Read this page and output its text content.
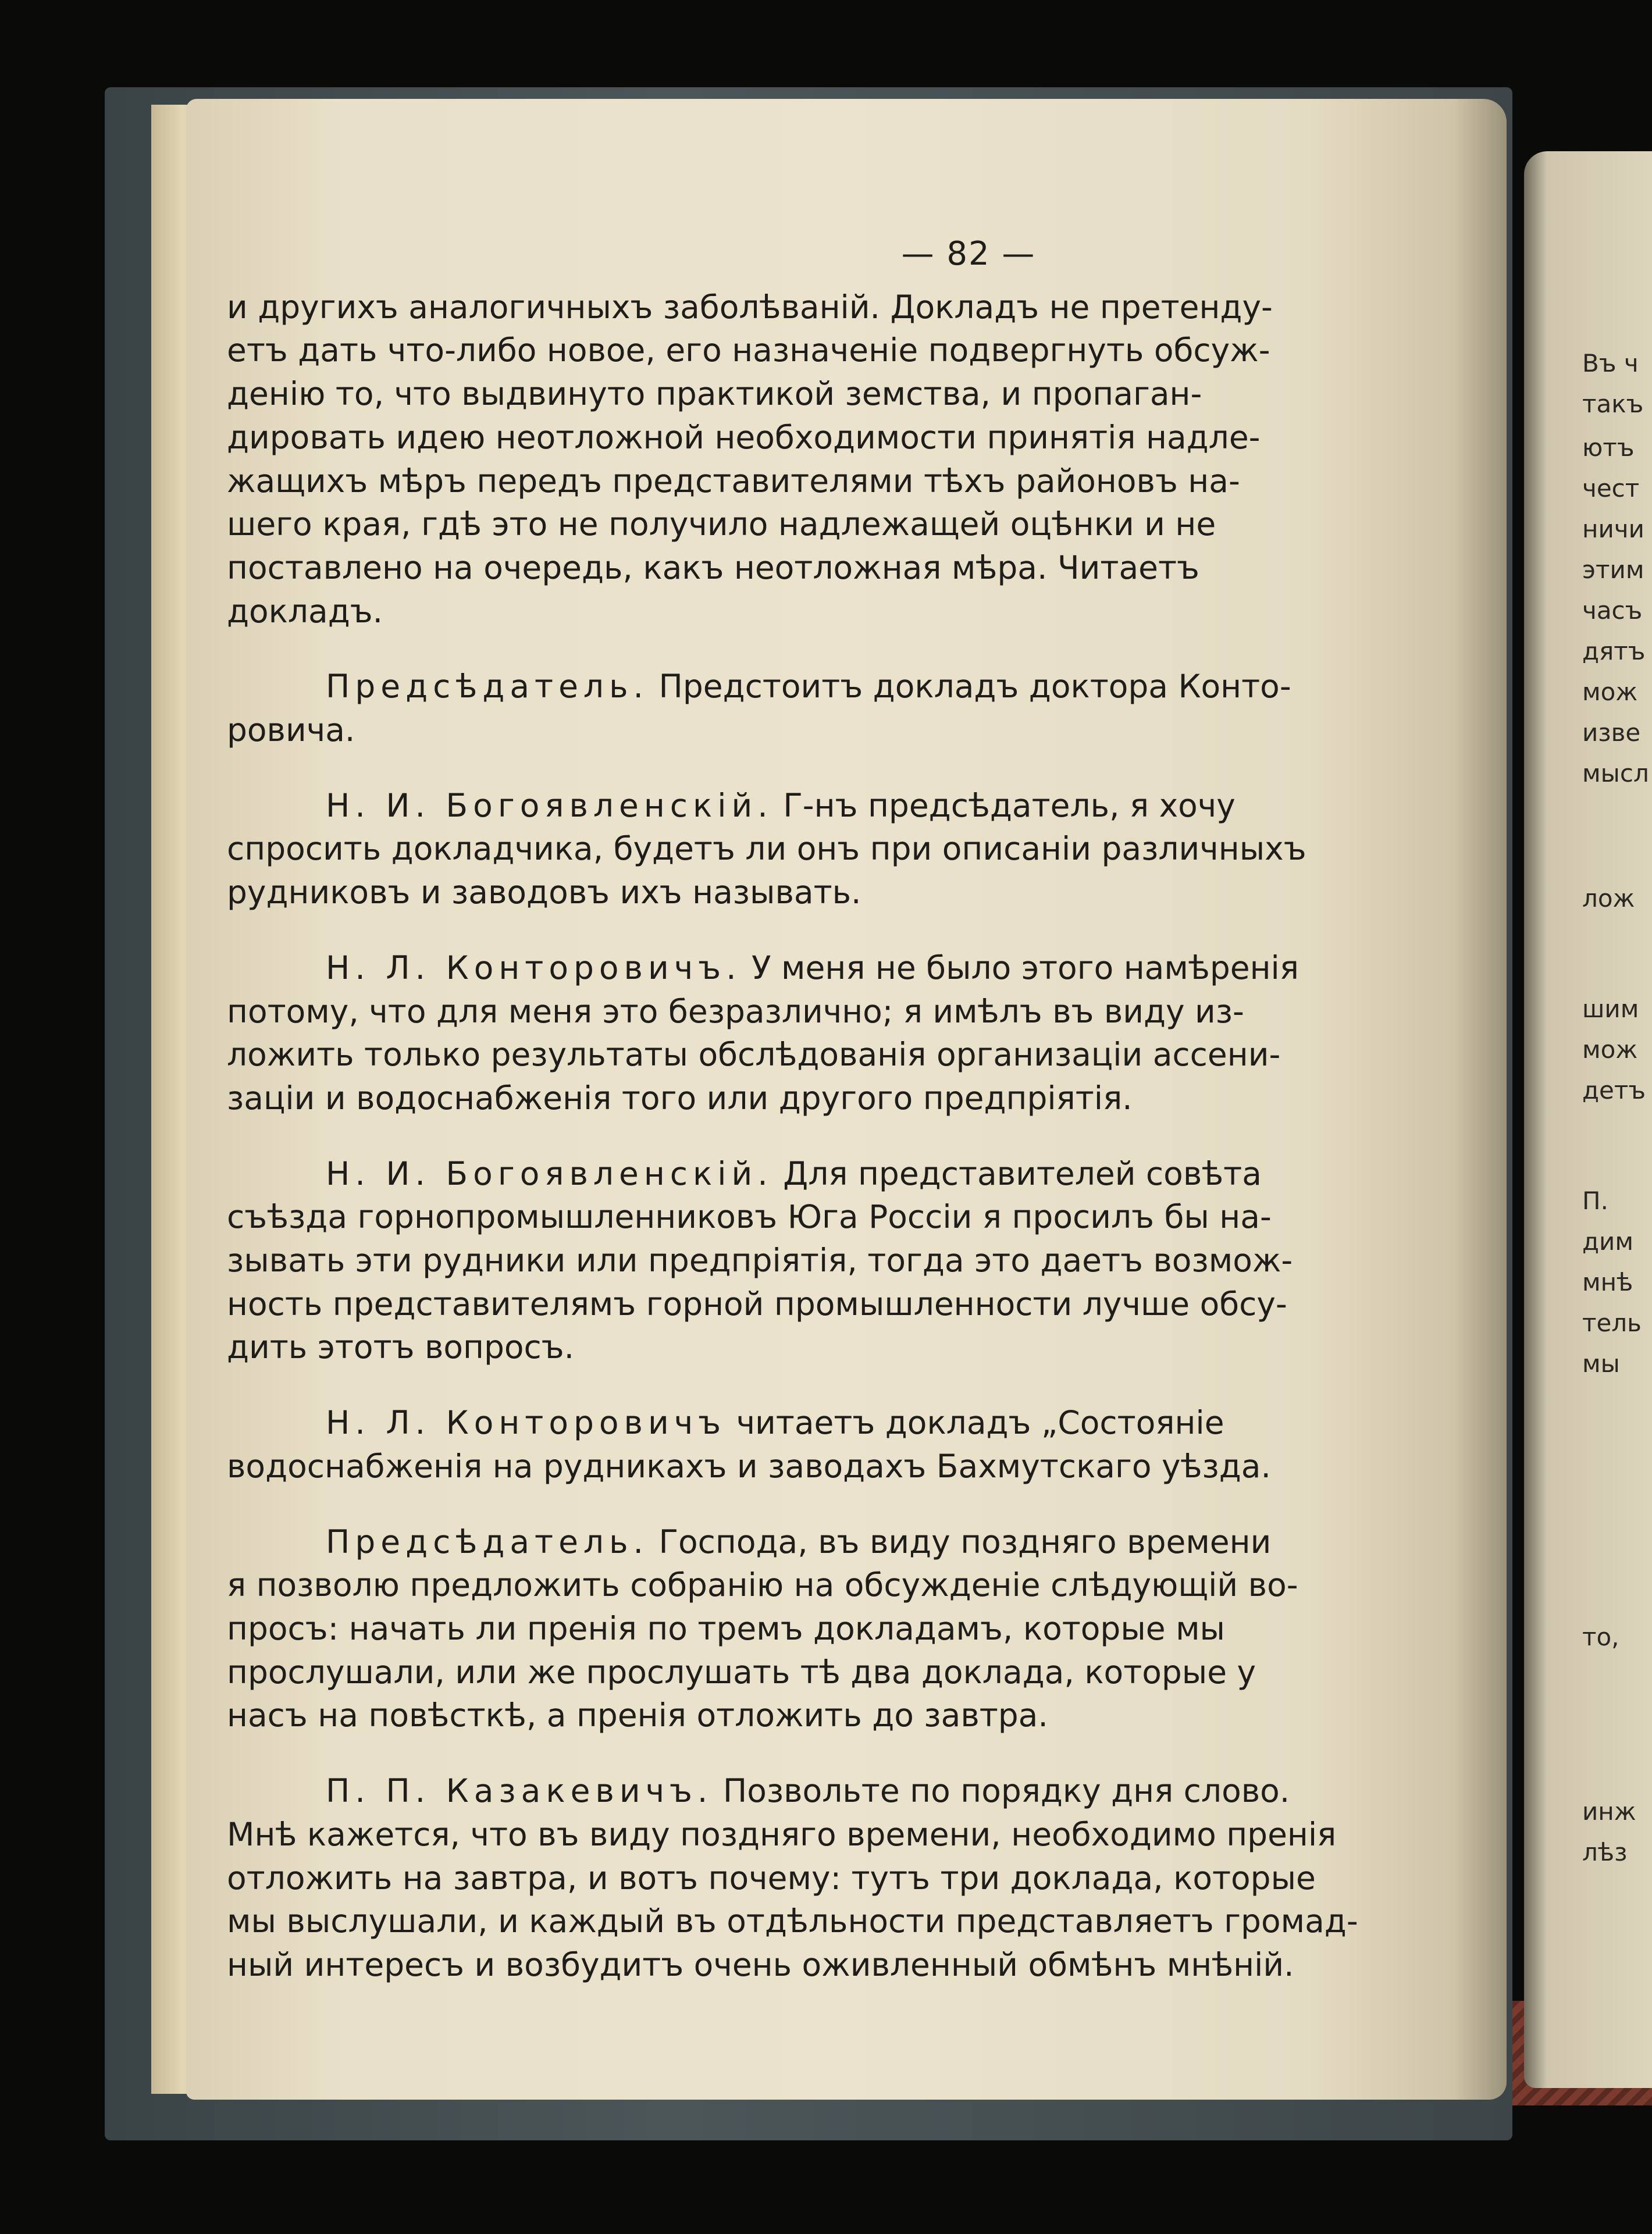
Въ ч

такъ

ютъ

чест

ничи

этим

часъ

дятъ

мож

изве

мысл

лож

шим

мож

детъ

П.

дим

мнѣ

тель

мы

то,

инж

лѣз

— 82 —

и другихъ аналогичныхъ заболѣваній. Докладъ не претенду-
етъ дать что-либо новое, его назначеніе подвергнуть обсуж-
денію то, что выдвинуто практикой земства, и пропаган-
дировать идею неотложной необходимости принятія надле-
жащихъ мѣръ передъ представителями тѣхъ районовъ на-
шего края, гдѣ это не получило надлежащей оцѣнки и не
поставлено на очередь, какъ неотложная мѣра. Читаетъ
докладъ.

Предсѣдатель. Предстоитъ докладъ доктора Конто-
ровича.

Н. И. Богоявленскій. Г-нъ предсѣдатель, я хочу
спросить докладчика, будетъ ли онъ при описаніи различныхъ
рудниковъ и заводовъ ихъ называть.

Н. Л. Конторовичъ. У меня не было этого намѣренія
потому, что для меня это безразлично; я имѣлъ въ виду из-
ложить только результаты обслѣдованія организаціи ассени-
заціи и водоснабженія того или другого предпріятія.

Н. И. Богоявленскій. Для представителей совѣта
съѣзда горнопромышленниковъ Юга Россіи я просилъ бы на-
зывать эти рудники или предпріятія, тогда это даетъ возмож-
ность представителямъ горной промышленности лучше обсу-
дить этотъ вопросъ.

Н. Л. Конторовичъ читаетъ докладъ „Состояніе
водоснабженія на рудникахъ и заводахъ Бахмутскаго уѣзда.

Предсѣдатель. Господа, въ виду поздняго времени
я позволю предложить собранію на обсужденіе слѣдующій во-
просъ: начать ли пренія по тремъ докладамъ, которые мы
прослушали, или же прослушать тѣ два доклада, которые у
насъ на повѣсткѣ, а пренія отложить до завтра.

П. П. Казакевичъ. Позвольте по порядку дня слово.
Мнѣ кажется, что въ виду поздняго времени, необходимо пренія
отложить на завтра, и вотъ почему: тутъ три доклада, которые
мы выслушали, и каждый въ отдѣльности представляетъ громад-
ный интересъ и возбудитъ очень оживленный обмѣнъ мнѣній.
